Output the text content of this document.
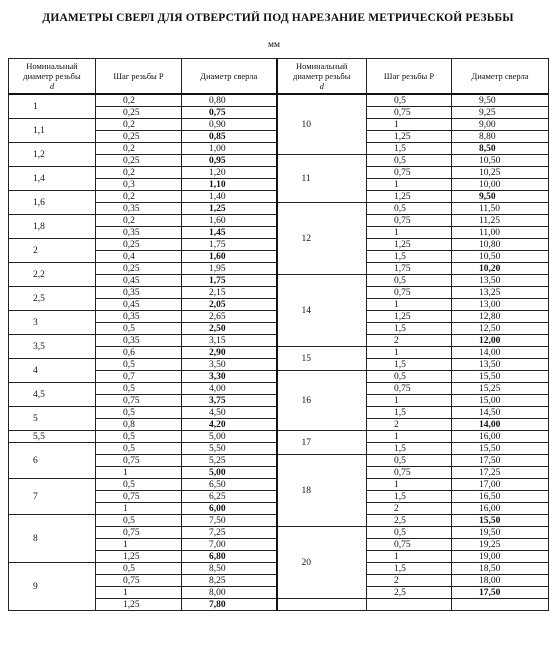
ДИАМЕТРЫ СВЕРЛ ДЛЯ ОТВЕРСТИЙ ПОД НАРЕЗАНИЕ МЕТРИЧЕСКОЙ РЕЗЬБЫ
мм
Номинальный
диаметр резьбы
d	Шаг резьбы P	Диаметр сверла	Номинальный
диаметр резьбы
d	Шаг резьбы P	Диаметр сверла
1	0,2	0,80	10	0,5	9,50
	0,25	0,75		0,75	9,25
1,1	0,2	0,90		1	9,00
	0,25	0,85		1,25	8,80
1,2	0,2	1,00		1,5	8,50
	0,25	0,95	11	0,5	10,50
1,4	0,2	1,20		0,75	10,25
	0,3	1,10		1	10,00
1,6	0,2	1,40		1,25	9,50
	0,35	1,25	12	0,5	11,50
1,8	0,2	1,60		0,75	11,25
	0,35	1,45		1	11,00
2	0,25	1,75		1,25	10,80
	0,4	1,60		1,5	10,50
2,2	0,25	1,95		1,75	10,20
	0,45	1,75	14	0,5	13,50
2,5	0,35	2,15		0,75	13,25
	0,45	2,05		1	13,00
3	0,35	2,65		1,25	12,80
	0,5	2,50		1,5	12,50
3,5	0,35	3,15		2	12,00
	0,6	2,90	15	1	14,00
4	0,5	3,50		1,5	13,50
	0,7	3,30	16	0,5	15,50
4,5	0,5	4,00		0,75	15,25
	0,75	3,75		1	15,00
5	0,5	4,50		1,5	14,50
	0,8	4,20		2	14,00
5,5	0,5	5,00	17	1	16,00
6	0,5	5,50		1,5	15,50
	0,75	5,25	18	0,5	17,50
	1	5,00		0,75	17,25
7	0,5	6,50		1	17,00
	0,75	6,25		1,5	16,50
	1	6,00		2	16,00
8	0,5	7,50		2,5	15,50
	0,75	7,25	20	0,5	19,50
	1	7,00		0,75	19,25
	1,25	6,80		1	19,00
9	0,5	8,50		1,5	18,50
	0,75	8,25		2	18,00
	1	8,00		2,5	17,50
	1,25	7,80			
